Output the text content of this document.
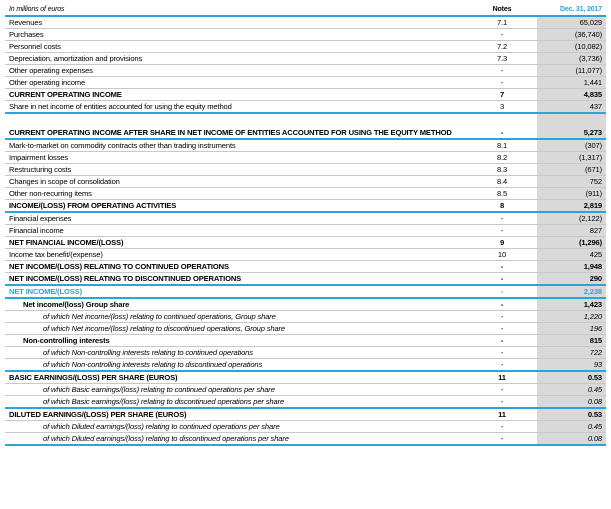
In millions of euros	Notes	Dec. 31, 2017
Revenues	7.1	65,029
Purchases	-	(36,740)
Personnel costs	7.2	(10,082)
Depreciation, amortization and provisions	7.3	(3,736)
Other operating expenses	-	(11,077)
Other operating income	-	1,441
CURRENT OPERATING INCOME	7	4,835
Share in net income of entities accounted for using the equity method	3	437
CURRENT OPERATING INCOME AFTER SHARE IN NET INCOME OF ENTITIES ACCOUNTED FOR USING THE EQUITY METHOD	-	5,273
Mark-to-market on commodity contracts other than trading instruments	8.1	(307)
Impairment losses	8.2	(1,317)
Restructuring costs	8.3	(671)
Changes in scope of consolidation	8.4	752
Other non-recurring items	8.5	(911)
INCOME/(LOSS) FROM OPERATING ACTIVITIES	8	2,819
Financial expenses	-	(2,122)
Financial income	-	827
NET FINANCIAL INCOME/(LOSS)	9	(1,296)
Income tax benefit/(expense)	10	425
NET INCOME/(LOSS) RELATING TO CONTINUED OPERATIONS	-	1,948
NET INCOME/(LOSS) RELATING TO DISCONTINUED OPERATIONS	-	290
NET INCOME/(LOSS)	-	2,238
Net income/(loss) Group share	-	1,423
of which Net income/(loss) relating to continued operations, Group share	-	1,220
of which Net income/(loss) relating to discontinued operations, Group share	-	196
Non-controlling interests	-	815
of which Non-controlling interests relating to continued operations	-	722
of which Non-controlling interests relating to discontinued operations	-	93
BASIC EARNINGS/(LOSS) PER SHARE (EUROS)	11	0.53
of which Basic earnings/(loss) relating to continued operations per share	-	0.45
of which Basic earnings/(loss) relating to discontinued operations per share	-	0.08
DILUTED EARNINGS/(LOSS) PER SHARE (EUROS)	11	0.53
of which Diluted earnings/(loss) relating to continued operations per share	-	0.45
of which Diluted earnings/(loss) relating to discontinued operations per share	-	0.08
